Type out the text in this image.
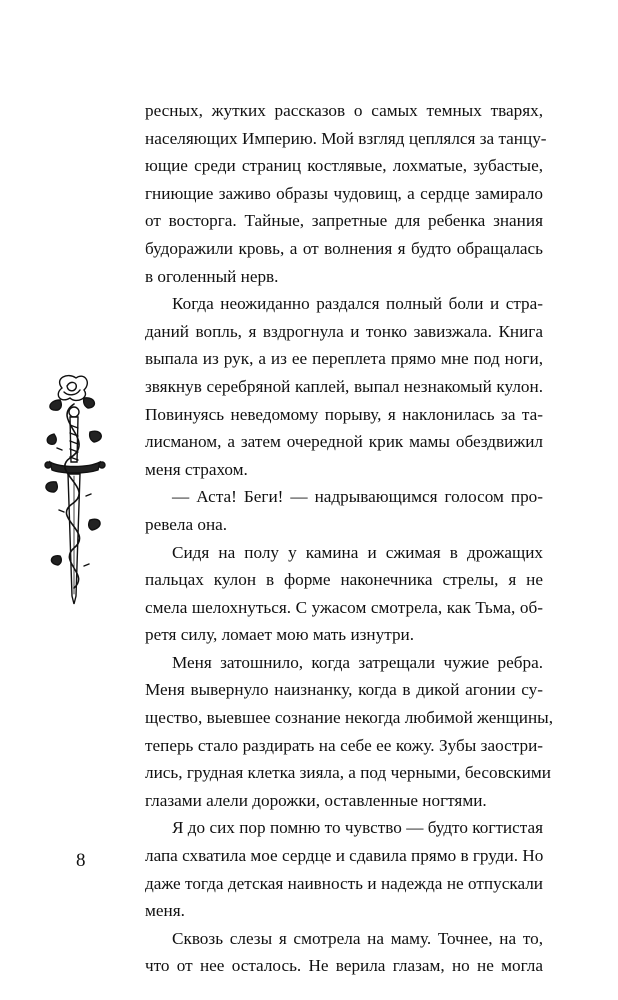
ресных, жутких рассказов о самых темных тварях,
населяющих Империю. Мой взгляд цеплялся за танцу-
ющие среди страниц костлявые, лохматые, зубастые,
гниющие заживо образы чудовищ, а сердце замирало
от восторга. Тайные, запретные для ребенка знания
будоражили кровь, а от волнения я будто обращалась
в оголенный нерв.
Когда неожиданно раздался полный боли и стра-
даний вопль, я вздрогнула и тонко завизжала. Книга
выпала из рук, а из ее переплета прямо мне под ноги,
звякнув серебряной каплей, выпал незнакомый кулон.
Повинуясь неведомому порыву, я наклонилась за та-
лисманом, а затем очередной крик мамы обездвижил
меня страхом.
— Аста! Беги! — надрывающимся голосом про-
ревела она.
Сидя на полу у камина и сжимая в дрожащих
пальцах кулон в форме наконечника стрелы, я не
смела шелохнуться. С ужасом смотрела, как Тьма, об-
ретя силу, ломает мою мать изнутри.
Меня затошнило, когда затрещали чужие ребра.
Меня вывернуло наизнанку, когда в дикой агонии су-
щество, выевшее сознание некогда любимой женщины,
теперь стало раздирать на себе ее кожу. Зубы заостри-
лись, грудная клетка зияла, а под черными, бесовскими
глазами алели дорожки, оставленные ногтями.
Я до сих пор помню то чувство — будто когтистая
лапа схватила мое сердце и сдавила прямо в груди. Но
даже тогда детская наивность и надежда не отпускали
меня.
Сквозь слезы я смотрела на маму. Точнее, на то,
что от нее осталось. Не верила глазам, но не могла
8
